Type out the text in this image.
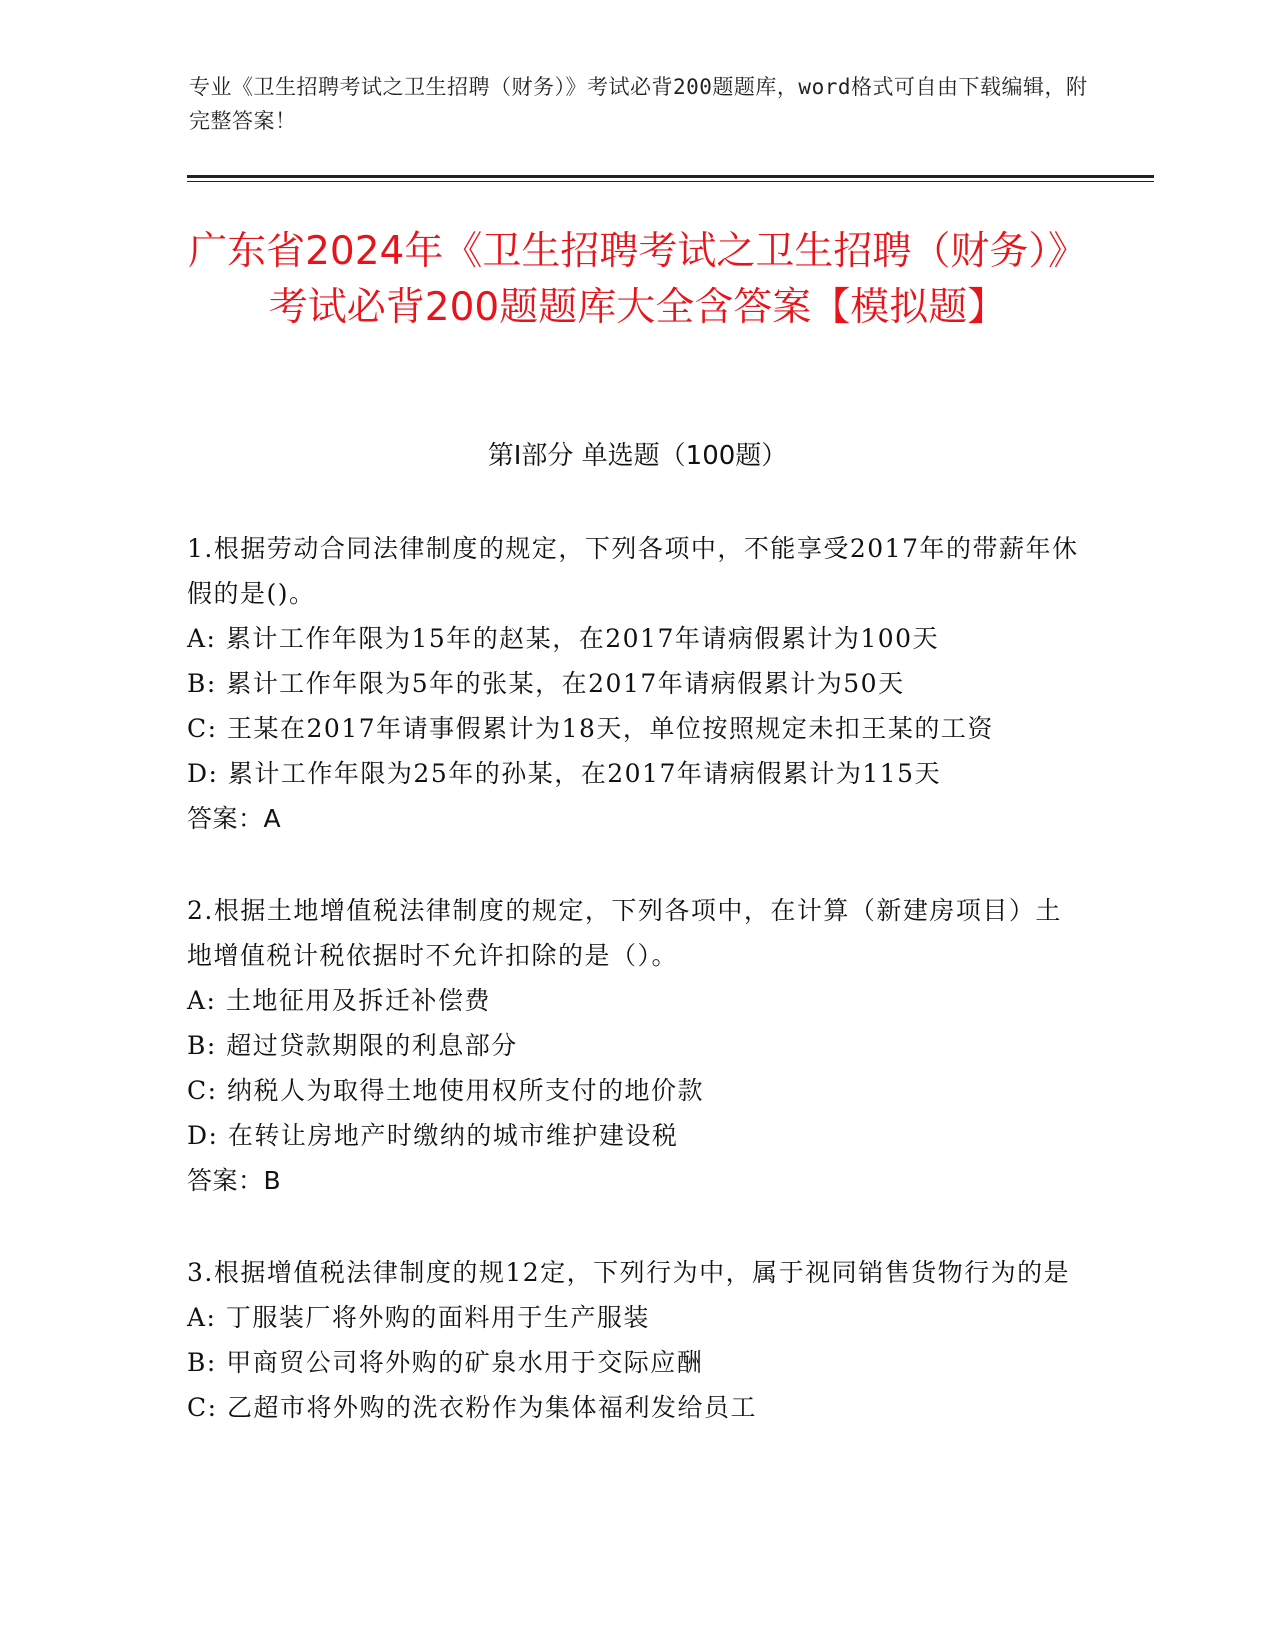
专业《卫生招聘考试之卫生招聘（财务）》考试必背200题题库，word格式可自由下载编辑，附完整答案！
广东省2024年《卫生招聘考试之卫生招聘（财务）》考试必背200题题库大全含答案【模拟题】
第I部分 单选题（100题）
1.根据劳动合同法律制度的规定，下列各项中，不能享受2017年的带薪年休假的是()。
A: 累计工作年限为15年的赵某，在2017年请病假累计为100天
B: 累计工作年限为5年的张某，在2017年请病假累计为50天
C: 王某在2017年请事假累计为18天，单位按照规定未扣王某的工资
D: 累计工作年限为25年的孙某，在2017年请病假累计为115天
答案：A
2.根据土地增值税法律制度的规定，下列各项中，在计算（新建房项目）土地增值税计税依据时不允许扣除的是（）。
A: 土地征用及拆迁补偿费
B: 超过贷款期限的利息部分
C: 纳税人为取得土地使用权所支付的地价款
D: 在转让房地产时缴纳的城市维护建设税
答案：B
3.根据增值税法律制度的规12定，下列行为中，属于视同销售货物行为的是
A: 丁服装厂将外购的面料用于生产服装
B: 甲商贸公司将外购的矿泉水用于交际应酬
C: 乙超市将外购的洗衣粉作为集体福利发给员工
